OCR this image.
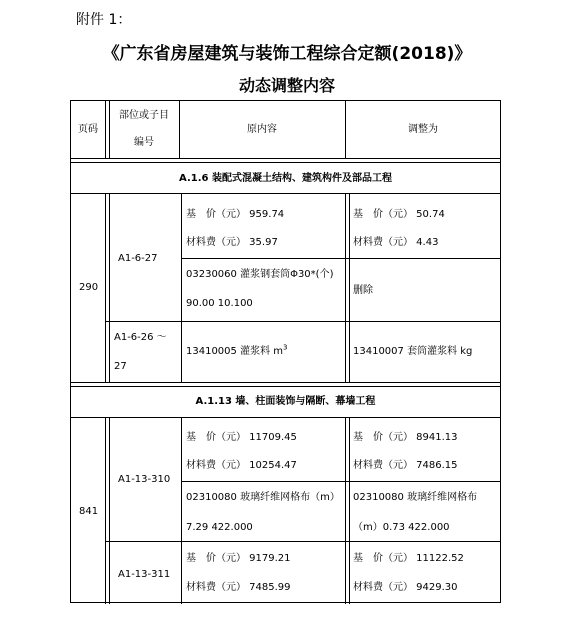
附件 1：
《广东省房屋建筑与装饰工程综合定额(2018)》
动态调整内容
页码
部位或子目
编号
原内容	调整为
A.1.6 装配式混凝土结构、建筑构件及部品工程
290
A1-6-27
基　价（元） 959.74
材料费（元） 35.97
基　价（元） 50.74
材料费（元） 4.43
03230060 灌浆钢套筒Φ30*(个)
90.00 10.100
删除
A1-6-26 ～
27
13410005 灌浆料 $m^3$	13410007 套筒灌浆料 kg
A.1.13 墙、柱面装饰与隔断、幕墙工程
841
A1-13-310
基　价（元） 11709.45
材料费（元） 10254.47
基　价（元） 8941.13
材料费（元） 7486.15
02310080 玻璃纤维网格布（m）
7.29 422.000
02310080 玻璃纤维网格布
（m）0.73 422.000
A1-13-311
基　价（元） 9179.21
材料费（元） 7485.99
基　价（元） 11122.52
材料费（元） 9429.30
